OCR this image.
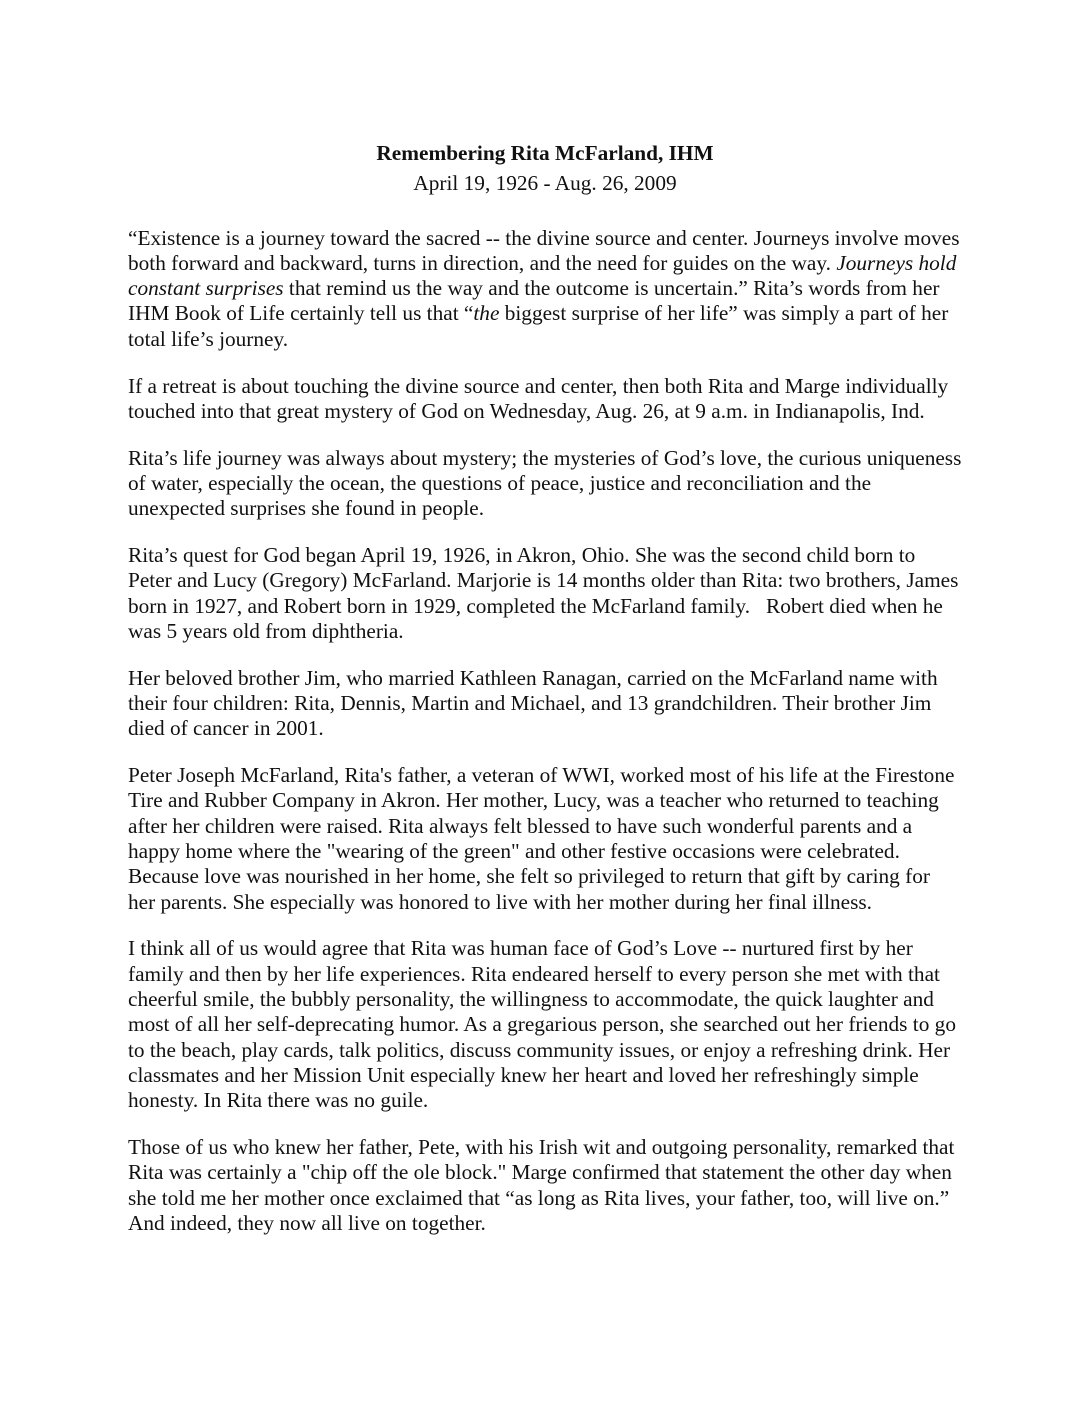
Remembering Rita McFarland, IHM

April 19, 1926 - Aug. 26, 2009

“Existence is a journey toward the sacred -- the divine source and center. Journeys involve moves both forward and backward, turns in direction, and the need for guides on the way. Journeys hold constant surprises that remind us the way and the outcome is uncertain.” Rita’s words from her IHM Book of Life certainly tell us that “the biggest surprise of her life” was simply a part of her total life’s journey.

If a retreat is about touching the divine source and center, then both Rita and Marge individually touched into that great mystery of God on Wednesday, Aug. 26, at 9 a.m. in Indianapolis, Ind.

Rita’s life journey was always about mystery; the mysteries of God’s love, the curious uniqueness of water, especially the ocean, the questions of peace, justice and reconciliation and the unexpected surprises she found in people.

Rita’s quest for God began April 19, 1926, in Akron, Ohio. She was the second child born to Peter and Lucy (Gregory) McFarland. Marjorie is 14 months older than Rita: two brothers, James born in 1927, and Robert born in 1929, completed the McFarland family.   Robert died when he was 5 years old from diphtheria.

Her beloved brother Jim, who married Kathleen Ranagan, carried on the McFarland name with their four children: Rita, Dennis, Martin and Michael, and 13 grandchildren. Their brother Jim died of cancer in 2001.

Peter Joseph McFarland, Rita's father, a veteran of WWI, worked most of his life at the Firestone Tire and Rubber Company in Akron. Her mother, Lucy, was a teacher who returned to teaching after her children were raised. Rita always felt blessed to have such wonderful parents and a happy home where the "wearing of the green" and other festive occasions were celebrated. Because love was nourished in her home, she felt so privileged to return that gift by caring for her parents. She especially was honored to live with her mother during her final illness.

I think all of us would agree that Rita was human face of God’s Love -- nurtured first by her family and then by her life experiences. Rita endeared herself to every person she met with that cheerful smile, the bubbly personality, the willingness to accommodate, the quick laughter and most of all her self-deprecating humor. As a gregarious person, she searched out her friends to go to the beach, play cards, talk politics, discuss community issues, or enjoy a refreshing drink. Her classmates and her Mission Unit especially knew her heart and loved her refreshingly simple honesty. In Rita there was no guile.

Those of us who knew her father, Pete, with his Irish wit and outgoing personality, remarked that Rita was certainly a "chip off the ole block." Marge confirmed that statement the other day when she told me her mother once exclaimed that “as long as Rita lives, your father, too, will live on.” And indeed, they now all live on together.
